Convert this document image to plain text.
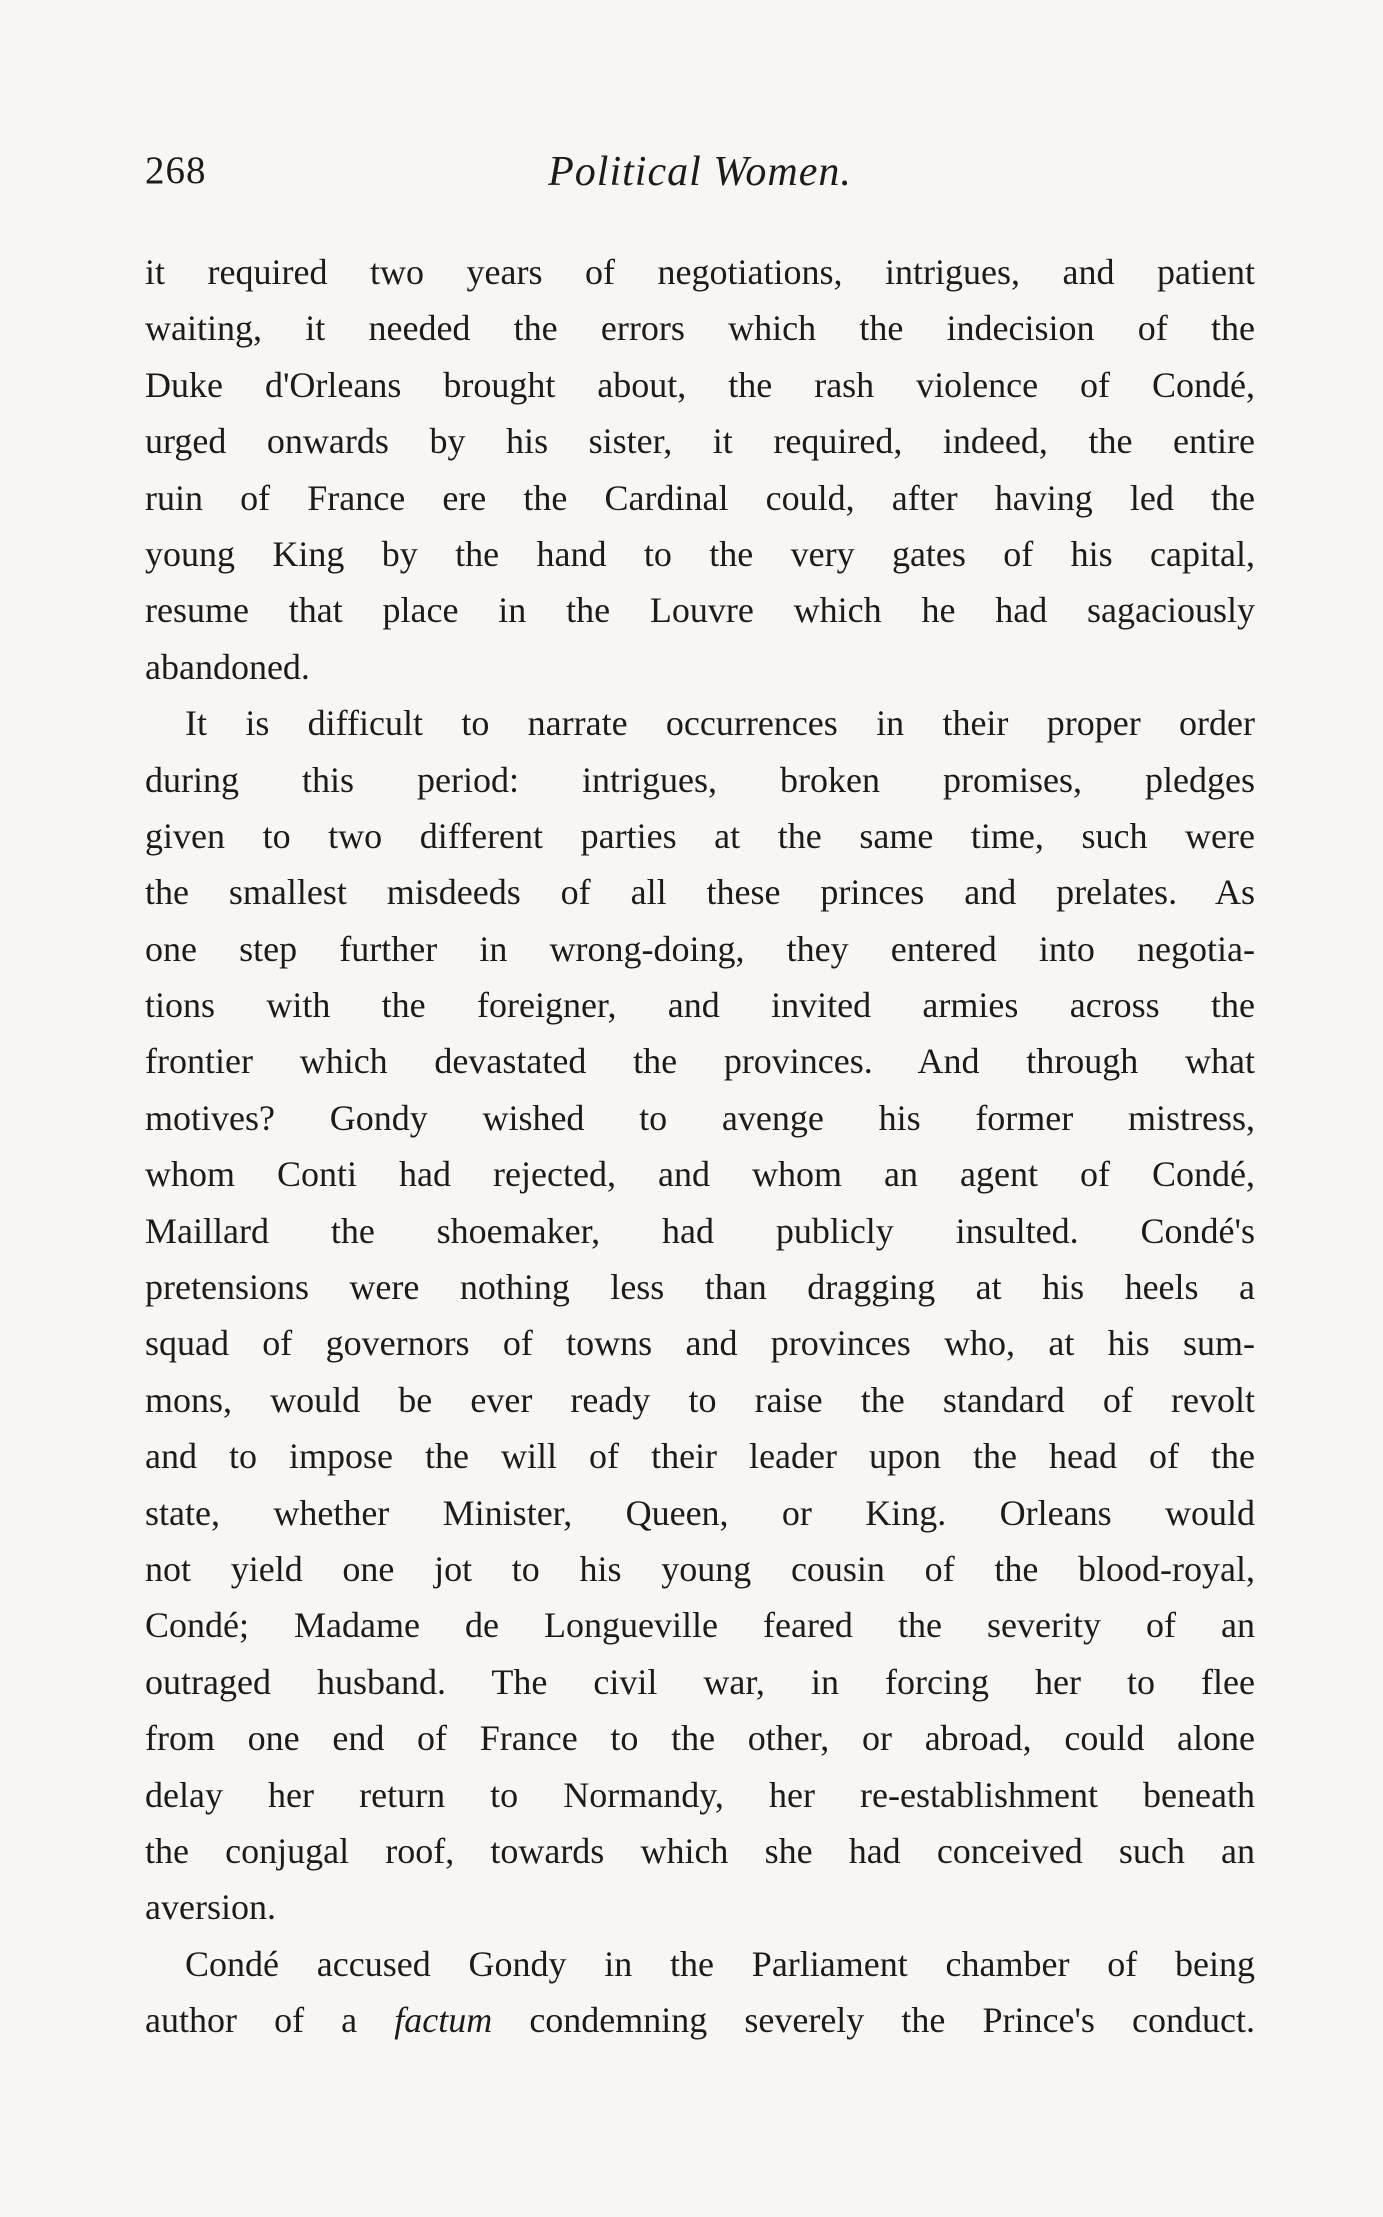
268	Political Women.
it required two years of negotiations, intrigues, and patient
waiting, it needed the errors which the indecision of the
Duke d'Orleans brought about, the rash violence of Condé,
urged onwards by his sister, it required, indeed, the entire
ruin of France ere the Cardinal could, after having led the
young King by the hand to the very gates of his capital,
resume that place in the Louvre which he had sagaciously
abandoned.
It is difficult to narrate occurrences in their proper order
during this period: intrigues, broken promises, pledges
given to two different parties at the same time, such were
the smallest misdeeds of all these princes and prelates. As
one step further in wrong-doing, they entered into negotia-
tions with the foreigner, and invited armies across the
frontier which devastated the provinces. And through what
motives? Gondy wished to avenge his former mistress,
whom Conti had rejected, and whom an agent of Condé,
Maillard the shoemaker, had publicly insulted. Condé's
pretensions were nothing less than dragging at his heels a
squad of governors of towns and provinces who, at his sum-
mons, would be ever ready to raise the standard of revolt
and to impose the will of their leader upon the head of the
state, whether Minister, Queen, or King. Orleans would
not yield one jot to his young cousin of the blood-royal,
Condé; Madame de Longueville feared the severity of an
outraged husband. The civil war, in forcing her to flee
from one end of France to the other, or abroad, could alone
delay her return to Normandy, her re-establishment beneath
the conjugal roof, towards which she had conceived such an
aversion.
Condé accused Gondy in the Parliament chamber of being
author of a factum condemning severely the Prince's conduct.
